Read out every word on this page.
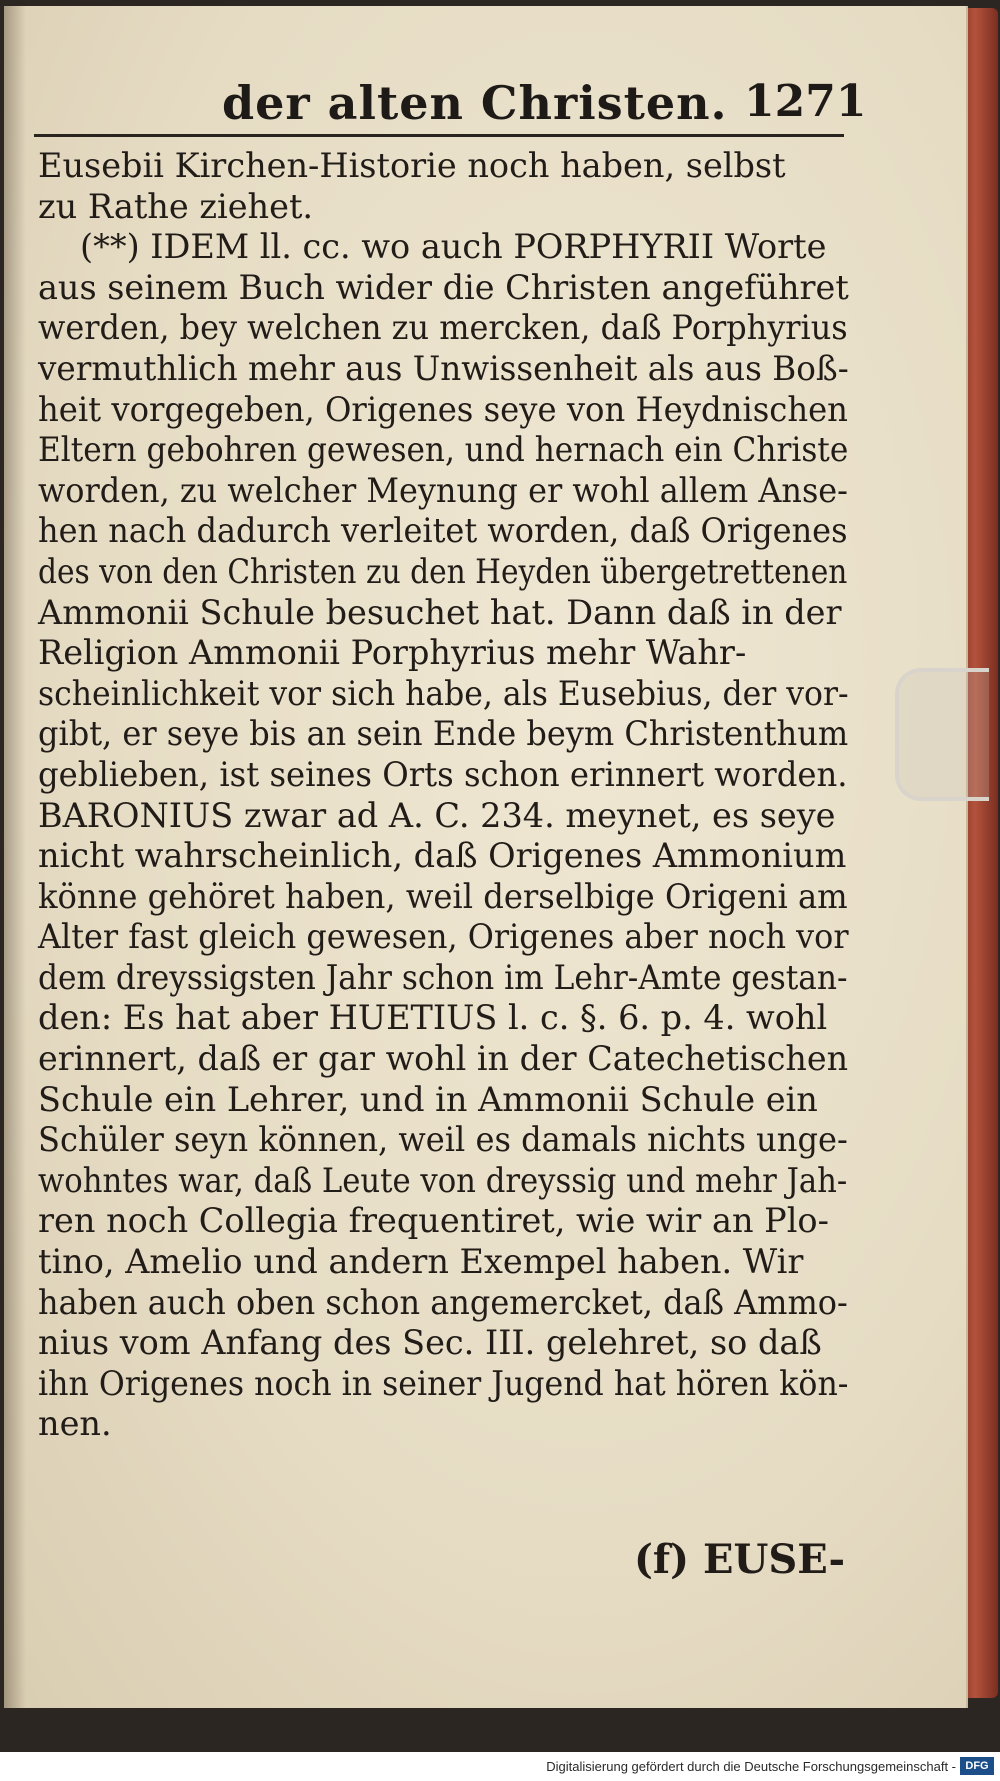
der alten Christen. 1271
Eusebii Kirchen-Historie noch haben, selbst
zu Rathe ziehet.
(**) IDEM ll. cc. wo auch PORPHYRII Worte
aus seinem Buch wider die Christen angeführet
werden, bey welchen zu mercken, daß Porphyrius
vermuthlich mehr aus Unwissenheit als aus Boß-
heit vorgegeben, Origenes seye von Heydnischen
Eltern gebohren gewesen, und hernach ein Christe
worden, zu welcher Meynung er wohl allem Anse-
hen nach dadurch verleitet worden, daß Origenes
des von den Christen zu den Heyden übergetrettenen
Ammonii Schule besuchet hat. Dann daß in der
Religion Ammonii Porphyrius mehr Wahr-
scheinlichkeit vor sich habe, als Eusebius, der vor-
gibt, er seye bis an sein Ende beym Christenthum
geblieben, ist seines Orts schon erinnert worden.
BARONIUS zwar ad A. C. 234. meynet, es seye
nicht wahrscheinlich, daß Origenes Ammonium
könne gehöret haben, weil derselbige Origeni am
Alter fast gleich gewesen, Origenes aber noch vor
dem dreyssigsten Jahr schon im Lehr-Amte gestan-
den: Es hat aber HUETIUS l. c. §. 6. p. 4. wohl
erinnert, daß er gar wohl in der Catechetischen
Schule ein Lehrer, und in Ammonii Schule ein
Schüler seyn können, weil es damals nichts unge-
wohntes war, daß Leute von dreyssig und mehr Jah-
ren noch Collegia frequentiret, wie wir an Plo-
tino, Amelio und andern Exempel haben. Wir
haben auch oben schon angemercket, daß Ammo-
nius vom Anfang des Sec. III. gelehret, so daß
ihn Origenes noch in seiner Jugend hat hören kön-
nen.
(f) EUSE-
Digitalisierung gefördert durch die Deutsche Forschungsgemeinschaft - DFG
